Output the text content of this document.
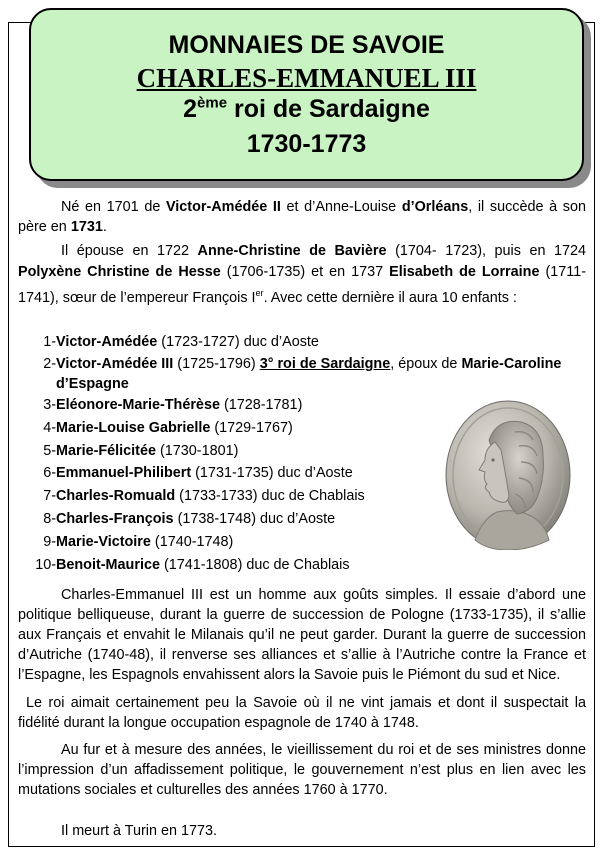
MONNAIES DE SAVOIE

CHARLES-EMMANUEL III

2ème roi de Sardaigne

1730-1773

Né en 1701 de Victor-Amédée II et d’Anne-Louise d’Orléans, il succède à son père en 1731.

Il épouse en 1722 Anne-Christine de Bavière (1704- 1723), puis en 1724 Polyxène Christine de Hesse (1706-1735) et en 1737 Elisabeth de Lorraine (1711-1741), sœur de l’empereur François Ier. Avec cette dernière il aura 10 enfants :

Charles-Emmanuel III est un homme aux goûts simples. Il essaie d’abord une politique belliqueuse, durant la guerre de succession de Pologne (1733-1735), il s’allie aux Français et envahit le Milanais qu’il ne peut garder. Durant la guerre de succession d’Autriche (1740-48), il renverse ses alliances et s’allie à l’Autriche contre la France et l’Espagne, les Espagnols envahissent alors la Savoie puis le Piémont du sud et Nice.

Le roi aimait certainement peu la Savoie où il ne vint jamais et dont il suspectait la fidélité durant la longue occupation espagnole de 1740 à 1748.

Au fur et à mesure des années, le vieillissement du roi et de ses ministres donne l’impression d’un affadissement politique, le gouvernement n’est plus en lien avec les mutations sociales et culturelles des années 1760 à 1770.

Il meurt à Turin en 1773.

1-Victor-Amédée (1723-1727) duc d’Aoste
2- Victor-Amédée III (1725-1796) 3° roi de Sardaigne, époux de Marie-Caroline d’Espagne
3-Eléonore-Marie-Thérèse (1728-1781)
4-Marie-Louise Gabrielle (1729-1767)
5-Marie-Félicitée (1730-1801)
6-Emmanuel-Philibert (1731-1735) duc d’Aoste
7-Charles-Romuald (1733-1733) duc de Chablais
8-Charles-François (1738-1748) duc d’Aoste
9-Marie-Victoire (1740-1748)
10-Benoit-Maurice (1741-1808) duc de Chablais
